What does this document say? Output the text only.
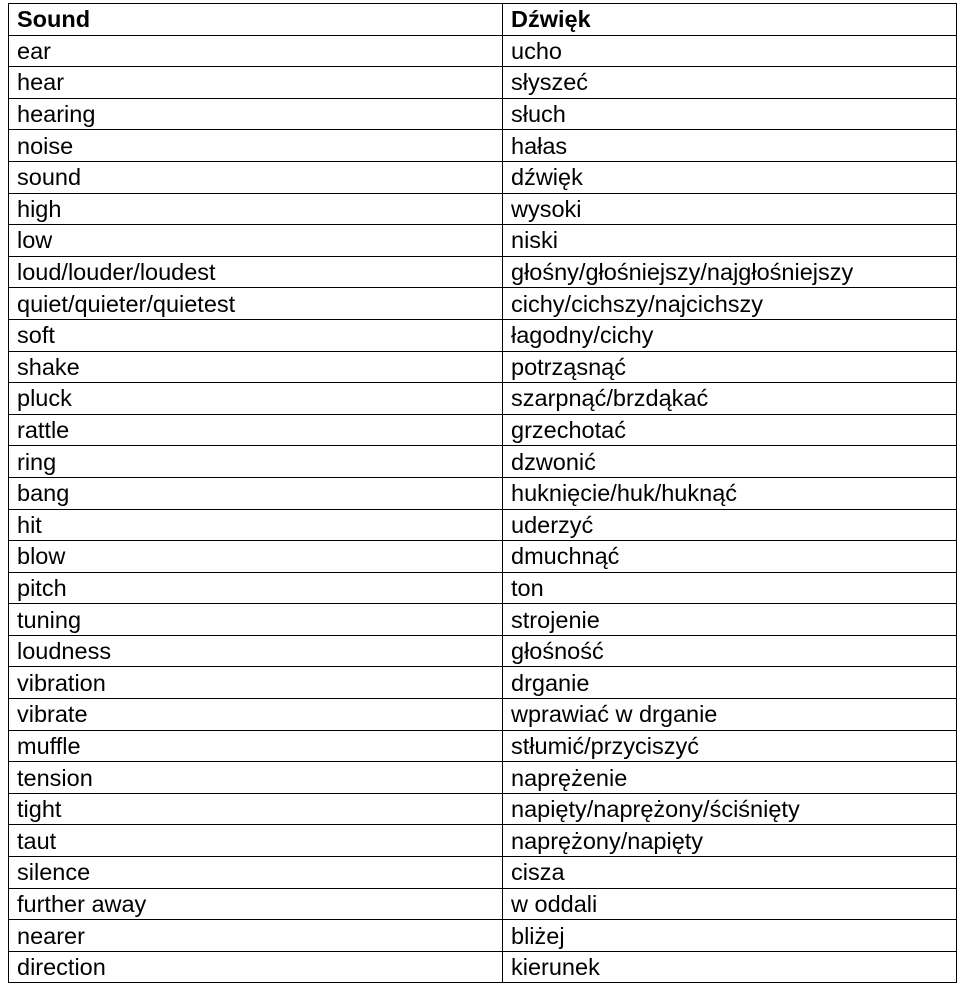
Sound	Dźwięk
ear	ucho
hear	słyszeć
hearing	słuch
noise	hałas
sound	dźwięk
high	wysoki
low	niski
loud/louder/loudest	głośny/głośniejszy/najgłośniejszy
quiet/quieter/quietest	cichy/cichszy/najcichszy
soft	łagodny/cichy
shake	potrząsnąć
pluck	szarpnąć/brzdąkać
rattle	grzechotać
ring	dzwonić
bang	huknięcie/huk/huknąć
hit	uderzyć
blow	dmuchnąć
pitch	ton
tuning	strojenie
loudness	głośność
vibration	drganie
vibrate	wprawiać w drganie
muffle	stłumić/przyciszyć
tension	naprężenie
tight	napięty/naprężony/ściśnięty
taut	naprężony/napięty
silence	cisza
further away	w oddali
nearer	bliżej
direction	kierunek
